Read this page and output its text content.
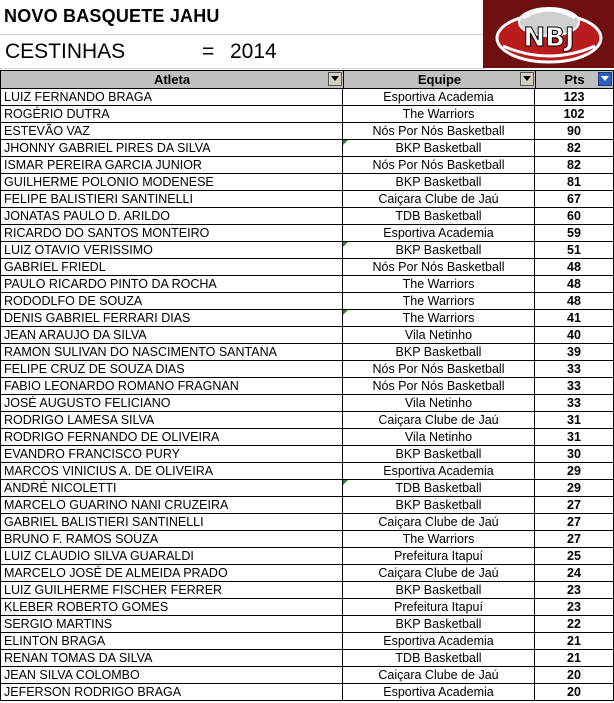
NOVO BASQUETE JAHU
CESTINHAS	= 2014	NBJ
Atleta	Equipe	Pts
LUIZ FERNANDO BRAGA	Esportiva Academia	123
ROGÉRIO DUTRA	The Warriors	102
ESTEVÃO VAZ	Nós Por Nós Basketball	90
JHONNY GABRIEL PIRES DA SILVA	BKP Basketball	82
ISMAR PEREIRA GARCIA JUNIOR	Nós Por Nós Basketball	82
GUILHERME POLONIO MODENESE	BKP Basketball	81
FELIPE BALISTIERI SANTINELLI	Caiçara Clube de Jaú	67
JONATAS PAULO D. ARILDO	TDB Basketball	60
RICARDO DO SANTOS MONTEIRO	Esportiva Academia	59
LUIZ OTAVIO VERISSIMO	BKP Basketball	51
GABRIEL FRIEDL	Nós Por Nós Basketball	48
PAULO RICARDO PINTO DA ROCHA	The Warriors	48
RODODLFO DE SOUZA	The Warriors	48
DENIS GABRIEL FERRARI DIAS	The Warriors	41
JEAN ARAUJO DA SILVA	Vila Netinho	40
RAMON SULIVAN DO NASCIMENTO SANTANA	BKP Basketball	39
FELIPE CRUZ DE SOUZA DIAS	Nós Por Nós Basketball	33
FABIO LEONARDO ROMANO FRAGNAN	Nós Por Nós Basketball	33
JOSÉ AUGUSTO FELICIANO	Vila Netinho	33
RODRIGO LAMESA SILVA	Caiçara Clube de Jaú	31
RODRIGO FERNANDO DE OLIVEIRA	Vila Netinho	31
EVANDRO FRANCISCO PURY	BKP Basketball	30
MARCOS VINICIUS A. DE OLIVEIRA	Esportiva Academia	29
ANDRÉ NICOLETTI	TDB Basketball	29
MARCELO GUARINO NANI CRUZEIRA	BKP Basketball	27
GABRIEL BALISTIERI SANTINELLI	Caiçara Clube de Jaú	27
BRUNO F. RAMOS SOUZA	The Warriors	27
LUIZ CLAUDIO SILVA GUARALDI	Prefeitura Itapuí	25
MARCELO JOSÉ DE ALMEIDA PRADO	Caiçara Clube de Jaú	24
LUIZ GUILHERME FISCHER FERRER	BKP Basketball	23
KLEBER ROBERTO GOMES	Prefeitura Itapuí	23
SERGIO MARTINS	BKP Basketball	22
ELINTON BRAGA	Esportiva Academia	21
RENAN TOMAS DA SILVA	TDB Basketball	21
JEAN SILVA COLOMBO	Caiçara Clube de Jaú	20
JEFERSON RODRIGO BRAGA	Esportiva Academia	20
